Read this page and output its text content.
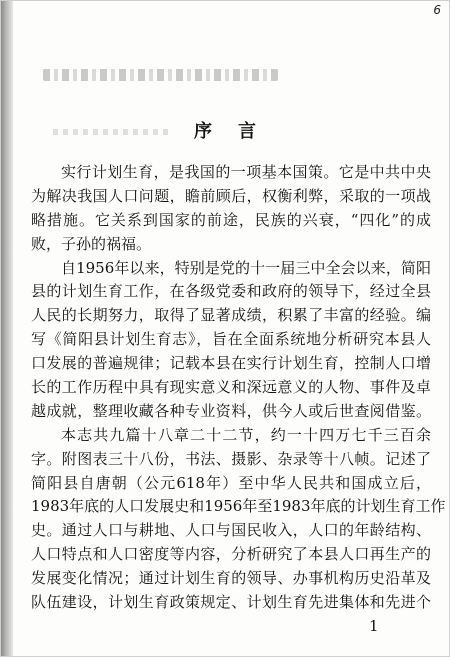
6
序言
实行计划生育，是我国的一项基本国策。它是中共中央
为解决我国人口问题，瞻前顾后，权衡利弊，采取的一项战
略措施。它关系到国家的前途，民族的兴衰，“四化”的成
败，子孙的祸福。
自1956年以来，特别是党的十一届三中全会以来，简阳
县的计划生育工作，在各级党委和政府的领导下，经过全县
人民的长期努力，取得了显著成绩，积累了丰富的经验。编
写《简阳县计划生育志》，旨在全面系统地分析研究本县人
口发展的普遍规律；记载本县在实行计划生育，控制人口增
长的工作历程中具有现实意义和深远意义的人物、事件及卓
越成就，整理收藏各种专业资料，供今人或后世查阅借鉴。
本志共九篇十八章二十二节，约一十四万七千三百余
字。附图表三十八份，书法、摄影、杂录等十八帧。记述了
简阳县自唐朝（公元618年）至中华人民共和国成立后，
1983年底的人口发展史和1956年至1983年底的计划生育工作
史。通过人口与耕地、人口与国民收入，人口的年龄结构、
人口特点和人口密度等内容，分析研究了本县人口再生产的
发展变化情况；通过计划生育的领导、办事机构历史沿革及
队伍建设，计划生育政策规定、计划生育先进集体和先进个
1
